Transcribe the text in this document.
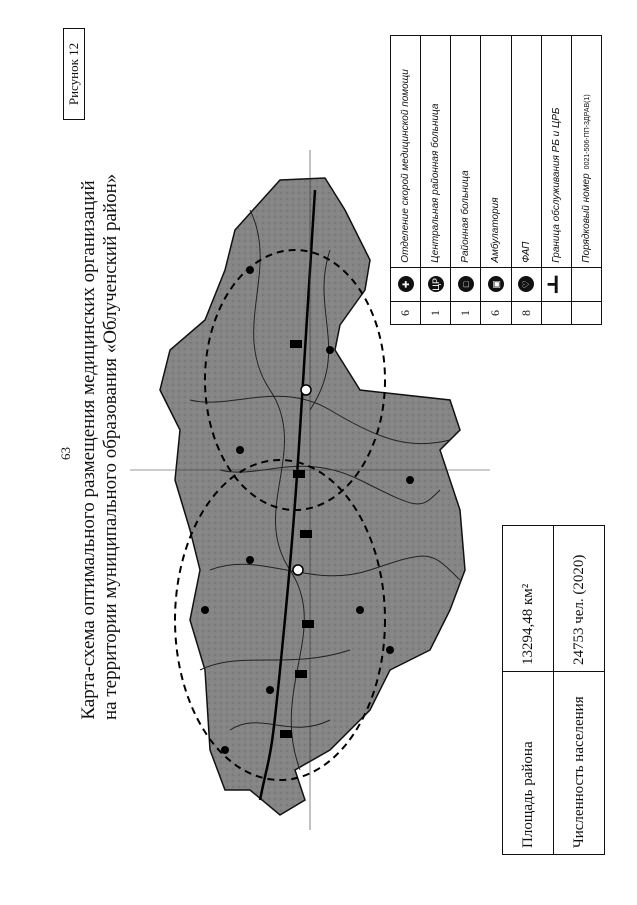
63
Рисунок 12
Карта-схема оптимального размещения медицинских организаций на территории муниципального образования «Облученский район»
Площадь района	13294,48 км²
Численность населения	24753 чел. (2020)
6	✚	Отделение скорой медицинской помощи
1	ЦР	Центральная районная больница
1	□	Районная больница
6	▣	Амбулатория
8	♡	ФАП
	╺┻╸	Граница обслуживания РБ и ЦРБ
		Порядковый номер0021-506-ПП-3ДРАВ(1)
